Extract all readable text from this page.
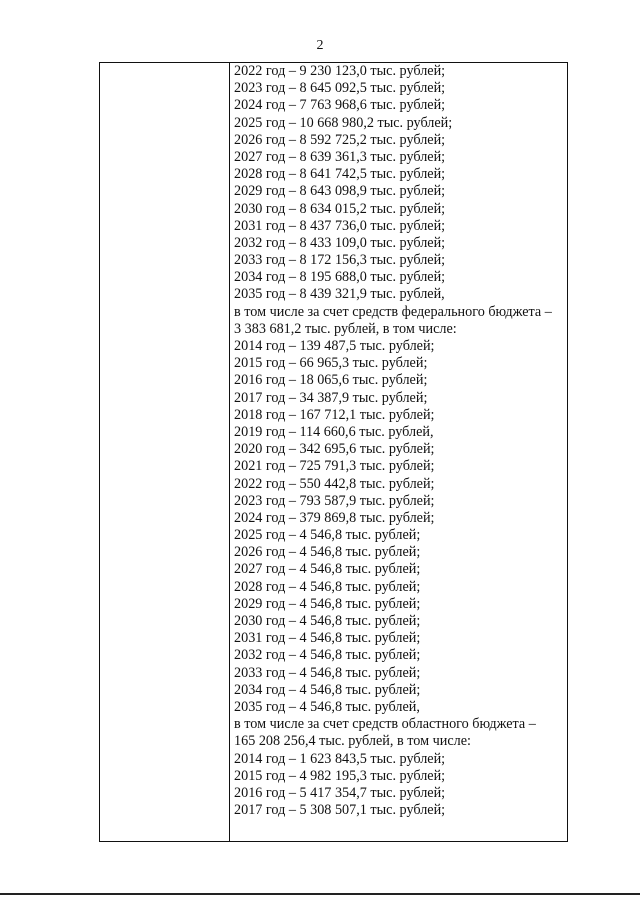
2
2022 год – 9 230 123,0 тыс. рублей;
2023 год – 8 645 092,5 тыс. рублей;
2024 год – 7 763 968,6 тыс. рублей;
2025 год – 10 668 980,2 тыс. рублей;
2026 год – 8 592 725,2 тыс. рублей;
2027 год – 8 639 361,3 тыс. рублей;
2028 год – 8 641 742,5 тыс. рублей;
2029 год – 8 643 098,9 тыс. рублей;
2030 год – 8 634 015,2 тыс. рублей;
2031 год – 8 437 736,0 тыс. рублей;
2032 год – 8 433 109,0 тыс. рублей;
2033 год – 8 172 156,3 тыс. рублей;
2034 год – 8 195 688,0 тыс. рублей;
2035 год – 8 439 321,9 тыс. рублей,
в том числе за счет средств федерального бюджета –
3 383 681,2 тыс. рублей, в том числе:
2014 год – 139 487,5 тыс. рублей;
2015 год – 66 965,3 тыс. рублей;
2016 год – 18 065,6 тыс. рублей;
2017 год – 34 387,9 тыс. рублей;
2018 год – 167 712,1 тыс. рублей;
2019 год – 114 660,6 тыс. рублей,
2020 год – 342 695,6 тыс. рублей;
2021 год – 725 791,3 тыс. рублей;
2022 год – 550 442,8 тыс. рублей;
2023 год – 793 587,9 тыс. рублей;
2024 год – 379 869,8 тыс. рублей;
2025 год – 4 546,8 тыс. рублей;
2026 год – 4 546,8 тыс. рублей;
2027 год – 4 546,8 тыс. рублей;
2028 год – 4 546,8 тыс. рублей;
2029 год – 4 546,8 тыс. рублей;
2030 год – 4 546,8 тыс. рублей;
2031 год – 4 546,8 тыс. рублей;
2032 год – 4 546,8 тыс. рублей;
2033 год – 4 546,8 тыс. рублей;
2034 год – 4 546,8 тыс. рублей;
2035 год – 4 546,8 тыс. рублей,
в том числе за счет средств областного бюджета –
165 208 256,4 тыс. рублей, в том числе:
2014 год – 1 623 843,5 тыс. рублей;
2015 год – 4 982 195,3 тыс. рублей;
2016 год – 5 417 354,7 тыс. рублей;
2017 год – 5 308 507,1 тыс. рублей;
